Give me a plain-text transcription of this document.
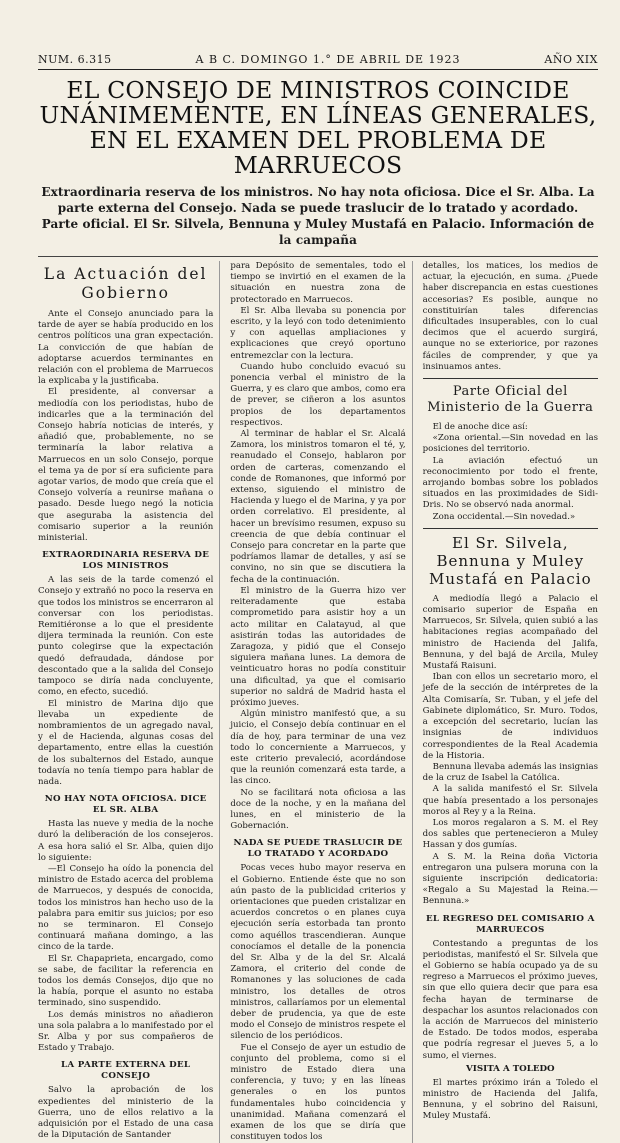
NUM. 6.315	A B C. DOMINGO 1.° DE ABRIL DE 1923	AÑO XIX
EL CONSEJO DE MINISTROS COINCIDE UNÁNIMEMENTE, EN LÍNEAS GENERALES, EN EL EXAMEN DEL PROBLEMA DE MARRUECOS

Extraordinaria reserva de los ministros. No hay nota oficiosa. Dice el Sr. Alba. La parte externa del Consejo. Nada se puede traslucir de lo tratado y acordado. Parte oficial. El Sr. Silvela, Bennuna y Muley Mustafá en Palacio. Información de la campaña

La Actuación del Gobierno

Ante el Consejo anunciado para la tarde de ayer se había producido en los centros políticos una gran expectación. La convicción de que habían de adoptarse acuerdos terminantes en relación con el problema de Marruecos la explicaba y la justificaba.

El presidente, al conversar a mediodía con los periodistas, hubo de indicarles que a la terminación del Consejo habría noticias de interés, y añadió que, probablemente, no se terminaría la labor relativa a Marruecos en un solo Consejo, porque el tema ya de por sí era suficiente para agotar varios, de modo que creía que el Consejo volvería a reunirse mañana o pasado. Desde luego negó la noticia que aseguraba la asistencia del comisario superior a la reunión ministerial.

EXTRAORDINARIA RESERVA DE LOS MINISTROS

A las seis de la tarde comenzó el Consejo y extrañó no poco la reserva en que todos los ministros se encerraron al conversar con los periodistas. Remitiéronse a lo que el presidente dijera terminada la reunión. Con este punto colegirse que la expectación quedó defraudada, dándose por descontado que a la salida del Consejo tampoco se diría nada concluyente, como, en efecto, sucedió.

El ministro de Marina dijo que llevaba un expediente de nombramientos de un agregado naval, y el de Hacienda, algunas cosas del departamento, entre ellas la cuestión de los subalternos del Estado, aunque todavía no tenía tiempo para hablar de nada.

NO HAY NOTA OFICIOSA. DICE EL SR. ALBA

Hasta las nueve y media de la noche duró la deliberación de los consejeros. A esa hora salió el Sr. Alba, quien dijo lo siguiente:

—El Consejo ha oído la ponencia del ministro de Estado acerca del problema de Marruecos, y después de conocida, todos los ministros han hecho uso de la palabra para emitir sus juicios; por eso no se terminaron. El Consejo continuará mañana domingo, a las cinco de la tarde.

El Sr. Chapaprieta, encargado, como se sabe, de facilitar la referencia en todos los demás Consejos, dijo que no la había, porque el asunto no estaba terminado, sino suspendido.

Los demás ministros no añadieron una sola palabra a lo manifestado por el Sr. Alba y por sus compañeros de Estado y Trabajo.

LA PARTE EXTERNA DEL CONSEJO

Salvo la aprobación de los expedientes del ministerio de la Guerra, uno de ellos relativo a la adquisición por el Estado de una casa de la Diputación de Santander

para Depósito de sementales, todo el tiempo se invirtió en el examen de la situación en nuestra zona de protectorado en Marruecos.

El Sr. Alba llevaba su ponencia por escrito, y la leyó con todo detenimiento y con aquellas ampliaciones y explicaciones que creyó oportuno entremezclar con la lectura.

Cuando hubo concluido evacuó su ponencia verbal el ministro de la Guerra, y es claro que ambos, como era de prever, se ciñeron a los asuntos propios de los departamentos respectivos.

Al terminar de hablar el Sr. Alcalá Zamora, los ministros tomaron el té, y, reanudado el Consejo, hablaron por orden de carteras, comenzando el conde de Romanones, que informó por extenso, siguiendo el ministro de Hacienda y luego el de Marina, y ya por orden correlativo. El presidente, al hacer un brevísimo resumen, expuso su creencia de que debía continuar el Consejo para concretar en la parte que podríamos llamar de detalles, y así se convino, no sin que se discutiera la fecha de la continuación.

El ministro de la Guerra hizo ver reiteradamente que estaba comprometido para asistir hoy a un acto militar en Calatayud, al que asistirán todas las autoridades de Zaragoza, y pidió que el Consejo siguiera mañana lunes. La demora de veinticuatro horas no podía constituir una dificultad, ya que el comisario superior no saldrá de Madrid hasta el próximo jueves.

Algún ministro manifestó que, a su juicio, el Consejo debía continuar en el día de hoy, para terminar de una vez todo lo concerniente a Marruecos, y este criterio prevaleció, acordándose que la reunión comenzará esta tarde, a las cinco.

No se facilitará nota oficiosa a las doce de la noche, y en la mañana del lunes, en el ministerio de la Gobernación.

NADA SE PUEDE TRASLUCIR DE LO TRATADO Y ACORDADO

Pocas veces hubo mayor reserva en el Gobierno. Entiende éste que no son aún pasto de la publicidad criterios y orientaciones que pueden cristalizar en acuerdos concretos o en planes cuya ejecución sería estorbada tan pronto como aquéllos trascendieran. Aunque conocíamos el detalle de la ponencia del Sr. Alba y de la del Sr. Alcalá Zamora, el criterio del conde de Romanones y las soluciones de cada ministro, los detalles de otros ministros, callaríamos por un elemental deber de prudencia, ya que de este modo el Consejo de ministros respete el silencio de los periódicos.

Fue el Consejo de ayer un estudio de conjunto del problema, como si el ministro de Estado diera una conferencia, y tuvo; y en las líneas generales o en los puntos fundamentales hubo coincidencia y unanimidad. Mañana comenzará el examen de los que se diría que constituyen todos los

detalles, los matices, los medios de actuar, la ejecución, en suma. ¿Puede haber discrepancia en estas cuestiones accesorias? Es posible, aunque no constituirían tales diferencias dificultades insuperables, con lo cual decimos que el acuerdo surgirá, aunque no se exteriorice, por razones fáciles de comprender, y que ya insinuamos antes.

Parte Oficial del Ministerio de la Guerra

El de anoche dice así:

«Zona oriental.—Sin novedad en las posiciones del territorio.

La aviación efectuó un reconocimiento por todo el frente, arrojando bombas sobre los poblados situados en las proximidades de Sidi-Dris. No se observó nada anormal.

Zona occidental.—Sin novedad.»

El Sr. Silvela, Bennuna y Muley Mustafá en Palacio

A mediodía llegó a Palacio el comisario superior de España en Marruecos, Sr. Silvela, quien subió a las habitaciones regias acompañado del ministro de Hacienda del Jalifa, Bennuna, y del bajá de Arcila, Muley Mustafá Raisuni.

Iban con ellos un secretario moro, el jefe de la sección de intérpretes de la Alta Comisaría, Sr. Tuban, y el jefe del Gabinete diplomático, Sr. Muro. Todos, a excepción del secretario, lucían las insignias de individuos correspondientes de la Real Academia de la Historia.

Bennuna llevaba además las insignias de la cruz de Isabel la Católica.

A la salida manifestó el Sr. Silvela que había presentado a los personajes moros al Rey y a la Reina.

Los moros regalaron a S. M. el Rey dos sables que pertenecieron a Muley Hassan y dos gumías.

A S. M. la Reina doña Victoria entregaron una pulsera moruna con la siguiente inscripción dedicatoria: «Regalo a Su Majestad la Reina.—Bennuna.»

EL REGRESO DEL COMISARIO A MARRUECOS

Contestando a preguntas de los periodistas, manifestó el Sr. Silvela que el Gobierno se había ocupado ya de su regreso a Marruecos el próximo jueves, sin que ello quiera decir que para esa fecha hayan de terminarse de despachar los asuntos relacionados con la acción de Marruecos del ministerio de Estado. De todos modos, esperaba que podría regresar el jueves 5, a lo sumo, el viernes.

VISITA A TOLEDO

El martes próximo irán a Toledo el ministro de Hacienda del Jalifa, Bennuna, y el sobrino del Raisuni, Muley Mustafá.
